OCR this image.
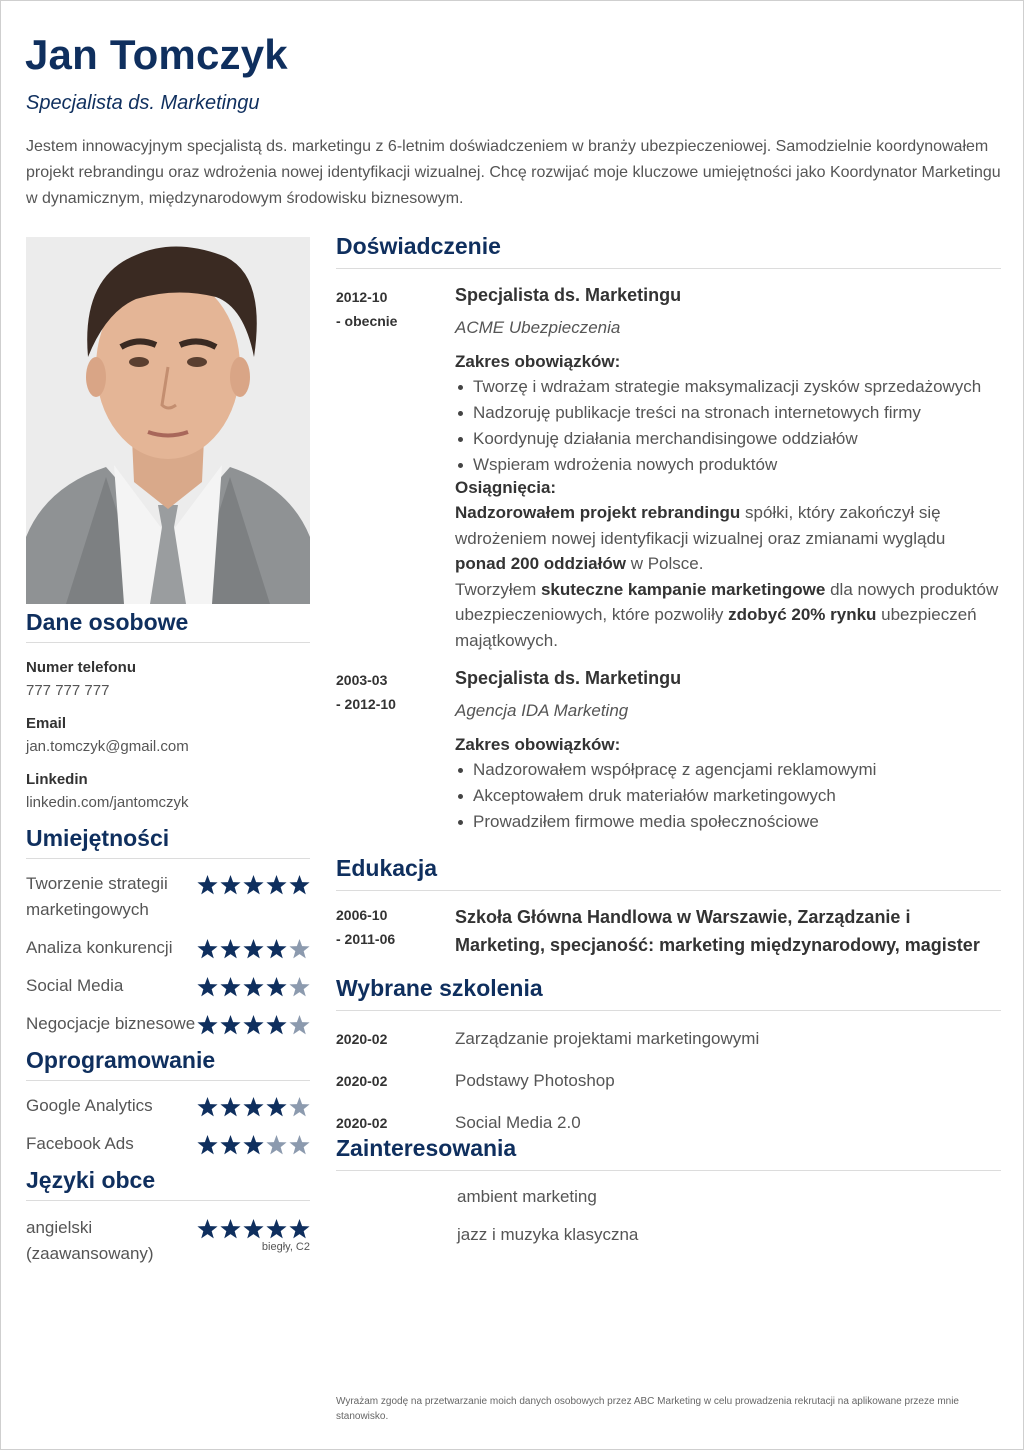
Jan Tomczyk
Specjalista ds. Marketingu
Jestem innowacyjnym specjalistą ds. marketingu z 6-letnim doświadczeniem w branży ubezpieczeniowej. Samodzielnie koordynowałem projekt rebrandingu oraz wdrożenia nowej identyfikacji wizualnej. Chcę rozwijać moje kluczowe umiejętności jako Koordynator Marketingu w dynamicznym, międzynarodowym środowisku biznesowym.
Dane osobowe
Numer telefonu
777 777 777
Email
jan.tomczyk@gmail.com
Linkedin
linkedin.com/jantomczyk
Umiejętności
Tworzenie strategii marketingowych
Analiza konkurencji
Social Media
Negocjacje biznesowe
Oprogramowanie
Google Analytics
Facebook Ads
Języki obce
angielski (zaawansowany)	biegły, C2
Doświadczenie
2012-10
- obecnie
Specjalista ds. Marketingu
ACME Ubezpieczenia
Zakres obowiązków:
Tworzę i wdrażam strategie maksymalizacji zysków sprzedażowych
Nadzoruję publikacje treści na stronach internetowych firmy
Koordynuję działania merchandisingowe oddziałów
Wspieram wdrożenia nowych produktów
Osiągnięcia:
Nadzorowałem projekt rebrandingu spółki, który zakończył się wdrożeniem nowej identyfikacji wizualnej oraz zmianami wyglądu ponad 200 oddziałów w Polsce.
Tworzyłem skuteczne kampanie marketingowe dla nowych produktów ubezpieczeniowych, które pozwoliły zdobyć 20% rynku ubezpieczeń majątkowych.
2003-03
- 2012-10
Specjalista ds. Marketingu
Agencja IDA Marketing
Zakres obowiązków:
Nadzorowałem współpracę z agencjami reklamowymi
Akceptowałem druk materiałów marketingowych
Prowadziłem firmowe media społecznościowe
Edukacja
2006-10
- 2011-06
Szkoła Główna Handlowa w Warszawie, Zarządzanie i Marketing, specjaność: marketing międzynarodowy, magister
Wybrane szkolenia
2020-02	Zarządzanie projektami marketingowymi
2020-02	Podstawy Photoshop
2020-02	Social Media 2.0
Zainteresowania
ambient marketing
jazz i muzyka klasyczna
Wyrażam zgodę na przetwarzanie moich danych osobowych przez ABC Marketing w celu prowadzenia rekrutacji na aplikowane przeze mnie stanowisko.
